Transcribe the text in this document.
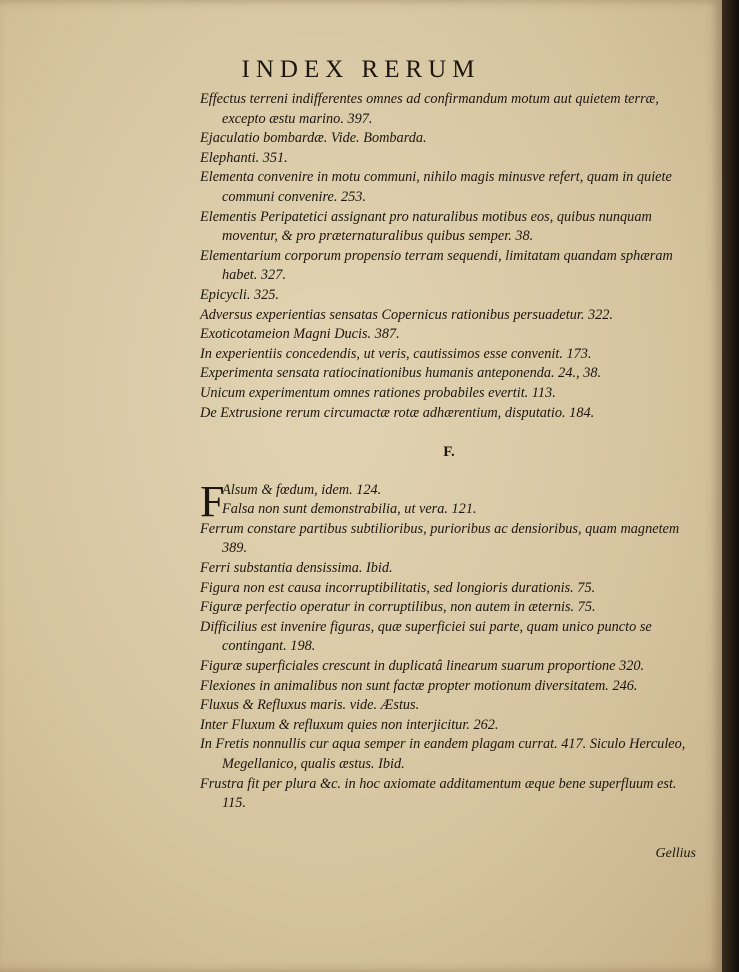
INDEX RERUM

Effectus terreni indifferentes omnes ad confirmandum motum aut quietem terræ, excepto æstu marino. 397.

Ejaculatio bombardæ. Vide. Bombarda.

Elephanti. 351.

Elementa convenire in motu communi, nihilo magis minusve refert, quam in quiete communi convenire. 253.

Elementis Peripatetici assignant pro naturalibus motibus eos, quibus nunquam moventur, & pro præternaturalibus quibus semper. 38.

Elementarium corporum propensio terram sequendi, limitatam quandam sphæram habet. 327.

Epicycli. 325.

Adversus experientias sensatas Copernicus rationibus persuadetur. 322.

Exoticotameion Magni Ducis. 387.

In experientiis concedendis, ut veris, cautissimos esse convenit. 173.

Experimenta sensata ratiocinationibus humanis anteponenda. 24., 38.

Unicum experimentum omnes rationes probabiles evertit. 113.

De Extrusione rerum circumactæ rotæ adhærentium, disputatio. 184.

F.
F

Alsum & fœdum, idem. 124.

Falsa non sunt demonstrabilia, ut vera. 121.

Ferrum constare partibus subtilioribus, purioribus ac densioribus, quam magnetem 389.

Ferri substantia densissima. Ibid.

Figura non est causa incorruptibilitatis, sed longioris durationis. 75.

Figuræ perfectio operatur in corruptilibus, non autem in æternis. 75.

Difficilius est invenire figuras, quæ superficiei sui parte, quam unico puncto se contingant. 198.

Figuræ superficiales crescunt in duplicatâ linearum suarum proportione 320.

Flexiones in animalibus non sunt factæ propter motionum diversitatem. 246.

Fluxus & Refluxus maris. vide. Æstus.

Inter Fluxum & refluxum quies non interjicitur. 262.

In Fretis nonnullis cur aqua semper in eandem plagam currat. 417. Siculo Herculeo, Megellanico, qualis æstus. Ibid.

Frustra fit per plura &c. in hoc axiomate additamentum æque bene superfluum est. 115.

Gellius
